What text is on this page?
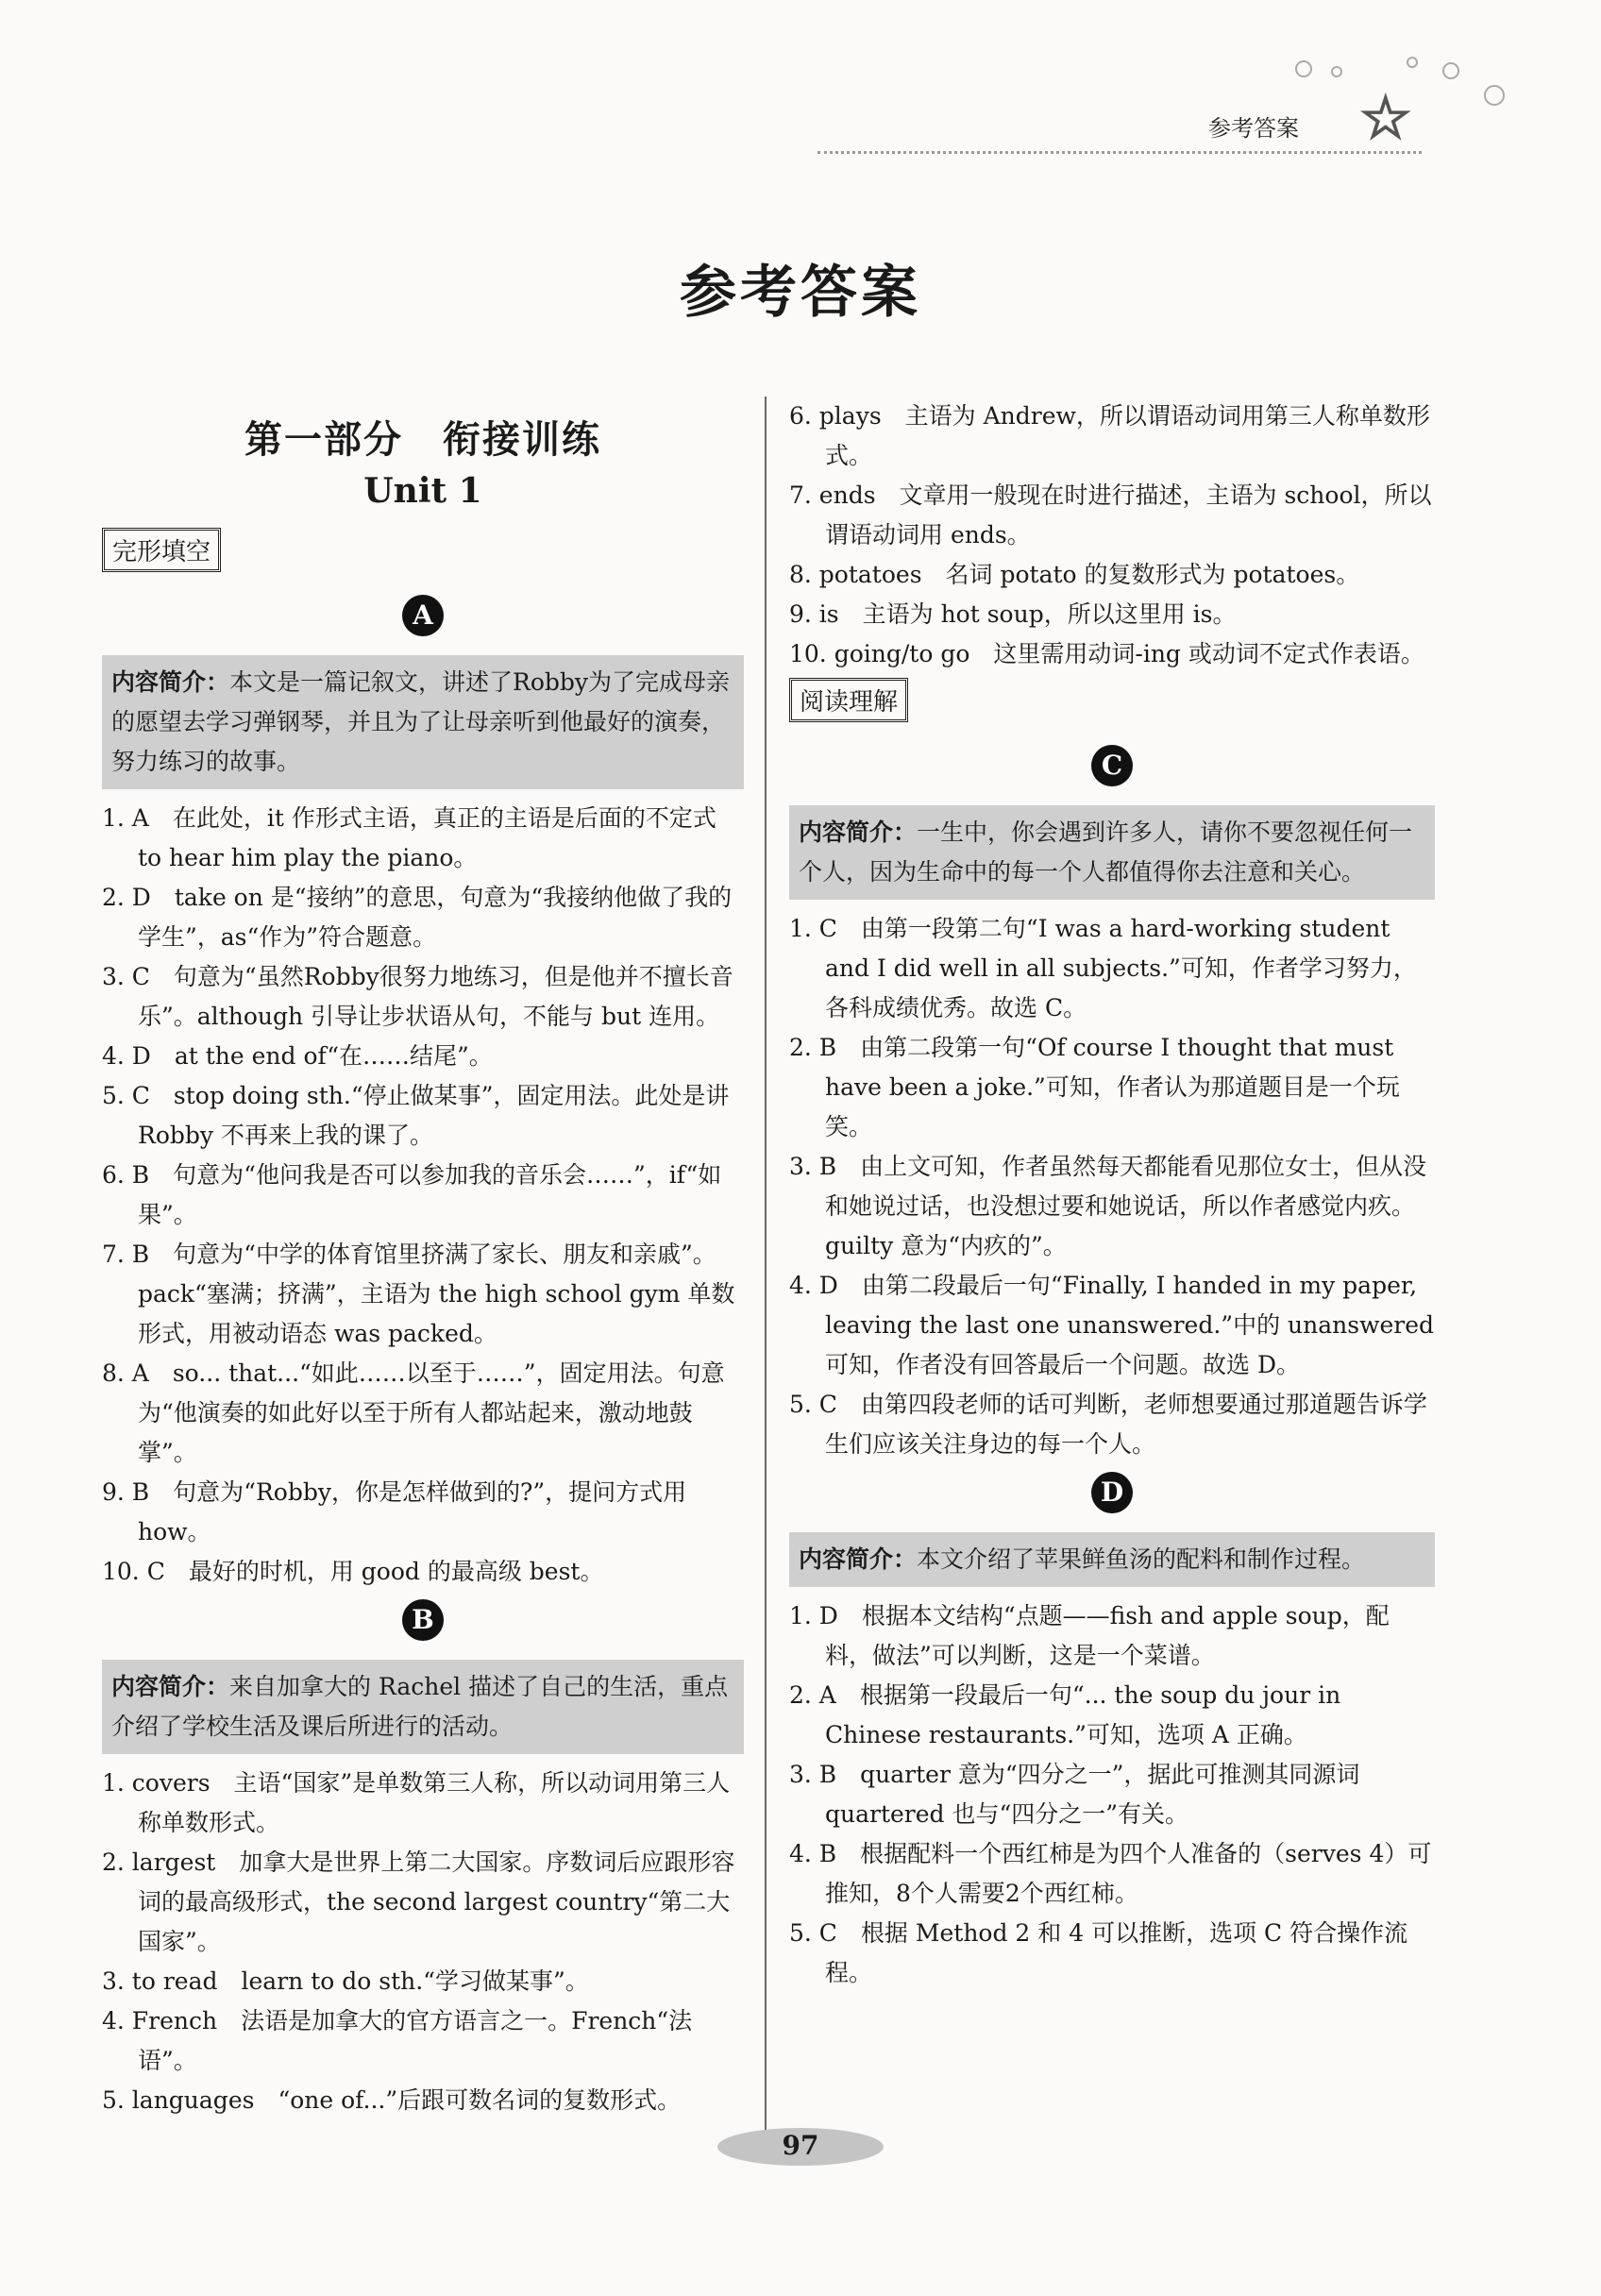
☆
参考答案
参考答案
第一部分　衔接训练
Unit 1
完形填空
A
内容简介：本文是一篇记叙文，讲述了Robby为了完成母亲的愿望去学习弹钢琴，并且为了让母亲听到他最好的演奏，努力练习的故事。
1. A　在此处，it 作形式主语，真正的主语是后面的不定式 to hear him play the piano。
2. D　take on 是“接纳”的意思，句意为“我接纳他做了我的学生”，as“作为”符合题意。
3. C　句意为“虽然Robby很努力地练习，但是他并不擅长音乐”。although 引导让步状语从句，不能与 but 连用。
4. D　at the end of“在……结尾”。
5. C　stop doing sth.“停止做某事”，固定用法。此处是讲 Robby 不再来上我的课了。
6. B　句意为“他问我是否可以参加我的音乐会……”，if“如果”。
7. B　句意为“中学的体育馆里挤满了家长、朋友和亲戚”。pack“塞满；挤满”，主语为 the high school gym 单数形式，用被动语态 was packed。
8. A　so... that...“如此……以至于……”，固定用法。句意为“他演奏的如此好以至于所有人都站起来，激动地鼓掌”。
9. B　句意为“Robby，你是怎样做到的?”，提问方式用 how。
10. C　最好的时机，用 good 的最高级 best。
B
内容简介：来自加拿大的 Rachel 描述了自己的生活，重点介绍了学校生活及课后所进行的活动。
1. covers　主语“国家”是单数第三人称，所以动词用第三人称单数形式。
2. largest　加拿大是世界上第二大国家。序数词后应跟形容词的最高级形式，the second largest country“第二大国家”。
3. to read　learn to do sth.“学习做某事”。
4. French　法语是加拿大的官方语言之一。French“法语”。
5. languages　“one of...”后跟可数名词的复数形式。
6. plays　主语为 Andrew，所以谓语动词用第三人称单数形式。
7. ends　文章用一般现在时进行描述，主语为 school，所以谓语动词用 ends。
8. potatoes　名词 potato 的复数形式为 potatoes。
9. is　主语为 hot soup，所以这里用 is。
10. going/to go　这里需用动词-ing 或动词不定式作表语。
阅读理解
C
内容简介：一生中，你会遇到许多人，请你不要忽视任何一个人，因为生命中的每一个人都值得你去注意和关心。
1. C　由第一段第二句“I was a hard-working student and I did well in all subjects.”可知，作者学习努力，各科成绩优秀。故选 C。
2. B　由第二段第一句“Of course I thought that must have been a joke.”可知，作者认为那道题目是一个玩笑。
3. B　由上文可知，作者虽然每天都能看见那位女士，但从没和她说过话，也没想过要和她说话，所以作者感觉内疚。guilty 意为“内疚的”。
4. D　由第二段最后一句“Finally, I handed in my paper, leaving the last one unanswered.”中的 unanswered 可知，作者没有回答最后一个问题。故选 D。
5. C　由第四段老师的话可判断，老师想要通过那道题告诉学生们应该关注身边的每一个人。
D
内容简介：本文介绍了苹果鲜鱼汤的配料和制作过程。
1. D　根据本文结构“点题——fish and apple soup，配料，做法”可以判断，这是一个菜谱。
2. A　根据第一段最后一句“... the soup du jour in Chinese restaurants.”可知，选项 A 正确。
3. B　quarter 意为“四分之一”，据此可推测其同源词 quartered 也与“四分之一”有关。
4. B　根据配料一个西红柿是为四个人准备的（serves 4）可推知，8个人需要2个西红柿。
5. C　根据 Method 2 和 4 可以推断，选项 C 符合操作流程。
97
